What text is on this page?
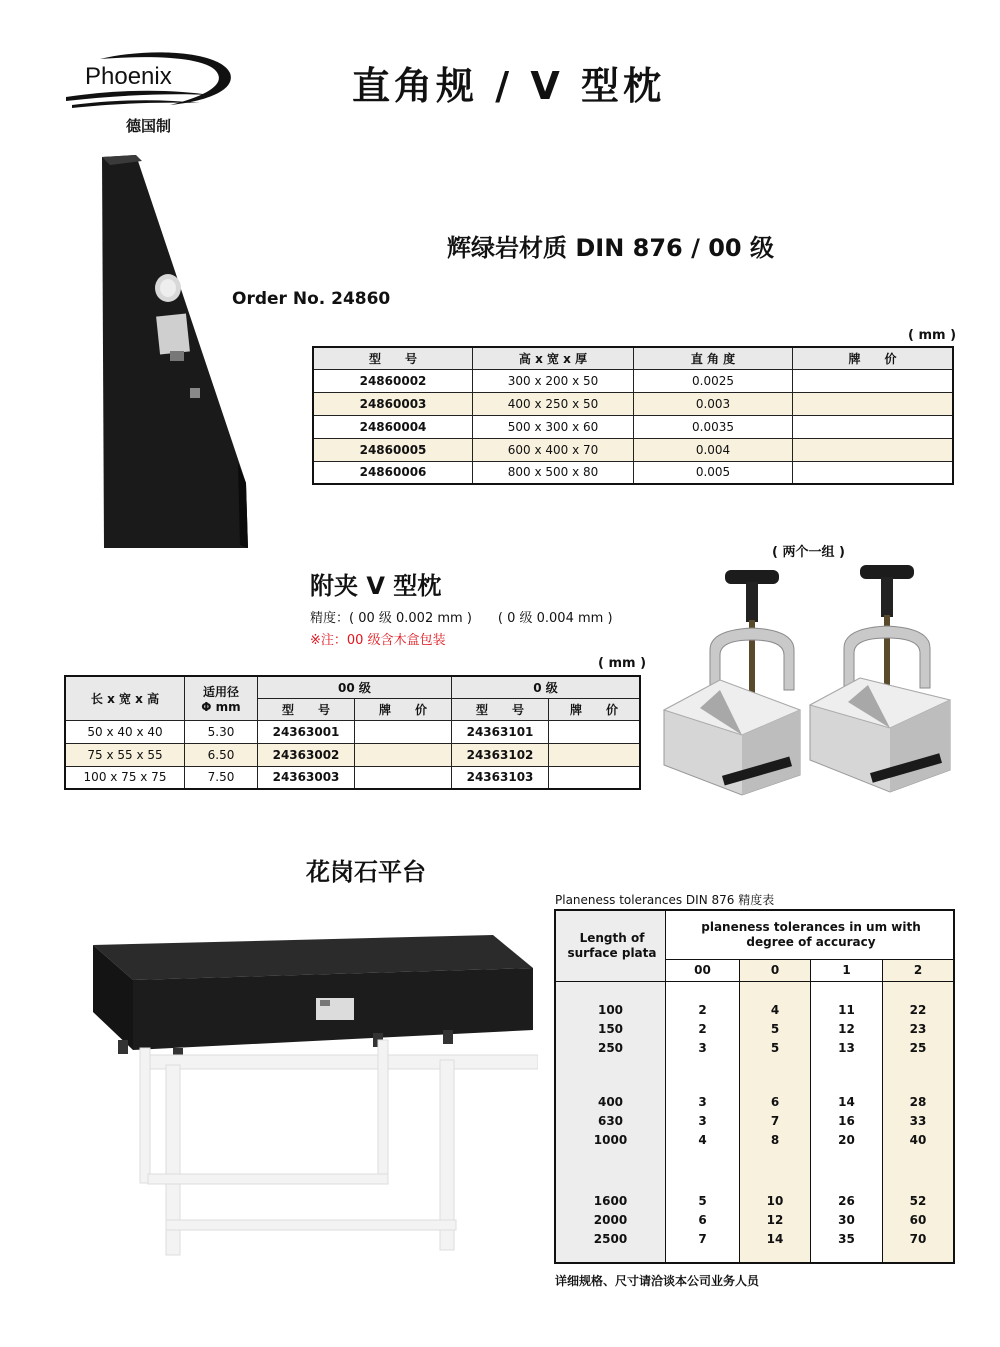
Phoenix
德国制
直角规 / V 型枕
辉绿岩材质 DIN 876 / 00 级
Order No. 24860
( mm )
型　　号	高 x 宽 x 厚	直 角 度	牌　　价
24860002	300 x 200 x 50	0.0025	
24860003	400 x 250 x 50	0.003	
24860004	500 x 300 x 60	0.0035	
24860005	600 x 400 x 70	0.004	
24860006	800 x 500 x 80	0.005	
( 两个一组 )
附夹 V 型枕
精度：( 00 级 0.002 mm )　　( 0 级 0.004 mm )
※注：00 级含木盒包装
( mm )
长 x 宽 x 高	适用径
Φ mm	00 级		0 级	
		型　　号	牌　　价	型　　号	牌　　价
50 x 40 x 40	5.30	24363001		24363101	
75 x 55 x 55	6.50	24363002		24363102	
100 x 75 x 75	7.50	24363003		24363103	
花岗石平台
Planeness tolerances DIN 876 精度表
Length of surface plata
planeness tolerances in um with degree of accuracy
00	0	1	2
100	2	4	11	22
150	2	5	12	23
250	3	5	13	25
400	3	6	14	28
630	3	7	16	33
1000	4	8	20	40
1600	5	10	26	52
2000	6	12	30	60
2500	7	14	35	70
详细规格、尺寸请洽谈本公司业务人员
